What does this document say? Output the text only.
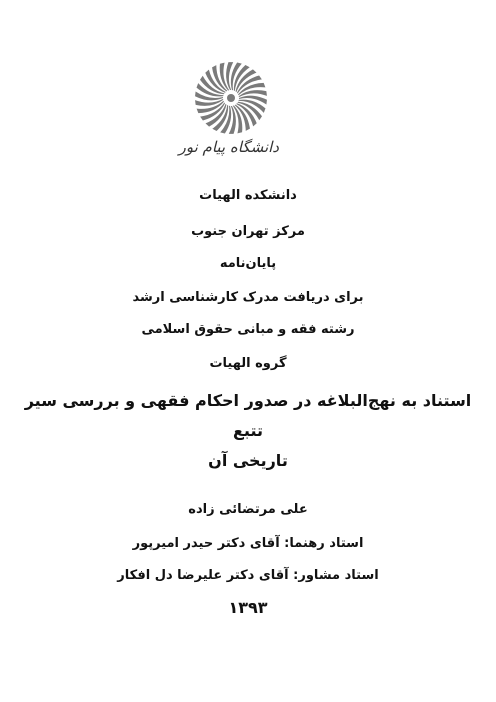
دانشگاه پیام نور
دانشکده الهیات
مرکز تهران جنوب
پایان‌نامه
برای دریافت مدرک کارشناسی ارشد
رشته فقه و مبانی حقوق اسلامی
گروه الهیات
استناد به نهج‌البلاغه در صدور احکام فقهی و بررسی سیر تتبع
تاریخی آن
علی مرتضائی زاده
استاد رهنما: آقای دکتر حیدر امیرپور
استاد مشاور: آقای دکتر علیرضا دل افکار
۱۳۹۳
